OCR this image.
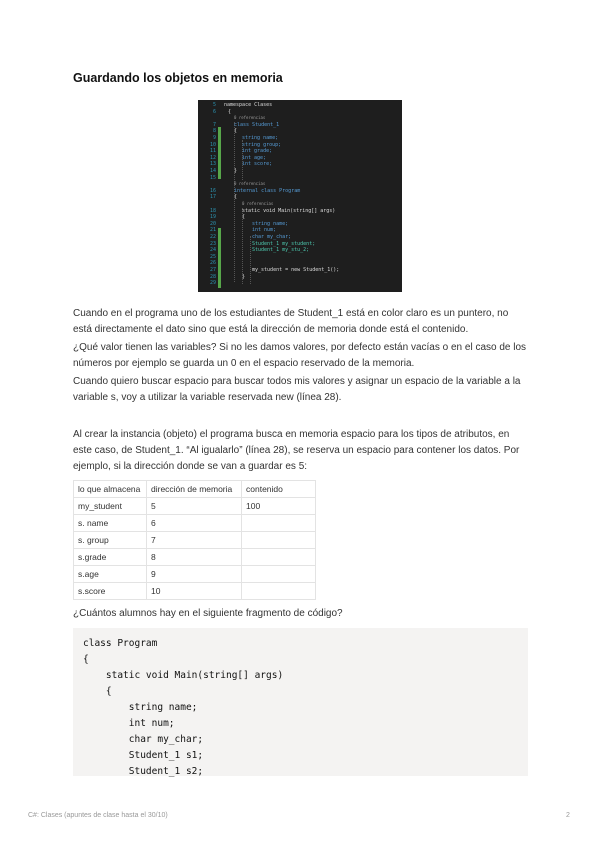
Guardando los objetos en memoria
5 namespace Clases
6 {
0 referencias
7	class Student_1
8	{
9	string name;
10	string group;
11	int grade;
12	int age;
13	int score;
14	}
15
0 referencias
16	internal class Program
17	{
0 referencias
18	static void Main(string[] args)
19	{
20	string name;
21	int num;
22	char my_char;
23	Student_1 my_student;
24	Student_1 my_stu_2;
25
26
27	my_student = new Student_1();
28	}
29

Cuando en el programa uno de los estudiantes de Student_1 está en color claro es un puntero, no está directamente el dato sino que está la dirección de memoria donde está el contenido.

¿Qué valor tienen las variables? Si no les damos valores, por defecto están vacías o en el caso de los números por ejemplo se guarda un 0 en el espacio reservado de la memoria.

Cuando quiero buscar espacio para buscar todos mis valores y asignar un espacio de la variable a la variable s, voy a utilizar la variable reservada new (línea 28).

Al crear la instancia (objeto) el programa busca en memoria espacio para los tipos de atributos, en este caso, de Student_1. “Al igualarlo” (línea 28), se reserva un espacio para contener los datos. Por ejemplo, si la dirección donde se van a guardar es 5:

lo que almacena	dirección de memoria	contenido
my_student	5	100
s. name	6	
s. group	7	
s.grade	8	
s.age	9	
s.score	10	

¿Cuántos alumnos hay en el siguiente fragmento de código?

class Program
{
static void Main(string[] args)
{
string name;
int num;
char my_char;
Student_1 s1;
Student_1 s2;
C#: Clases (apuntes de clase hasta el 30/10)	2
